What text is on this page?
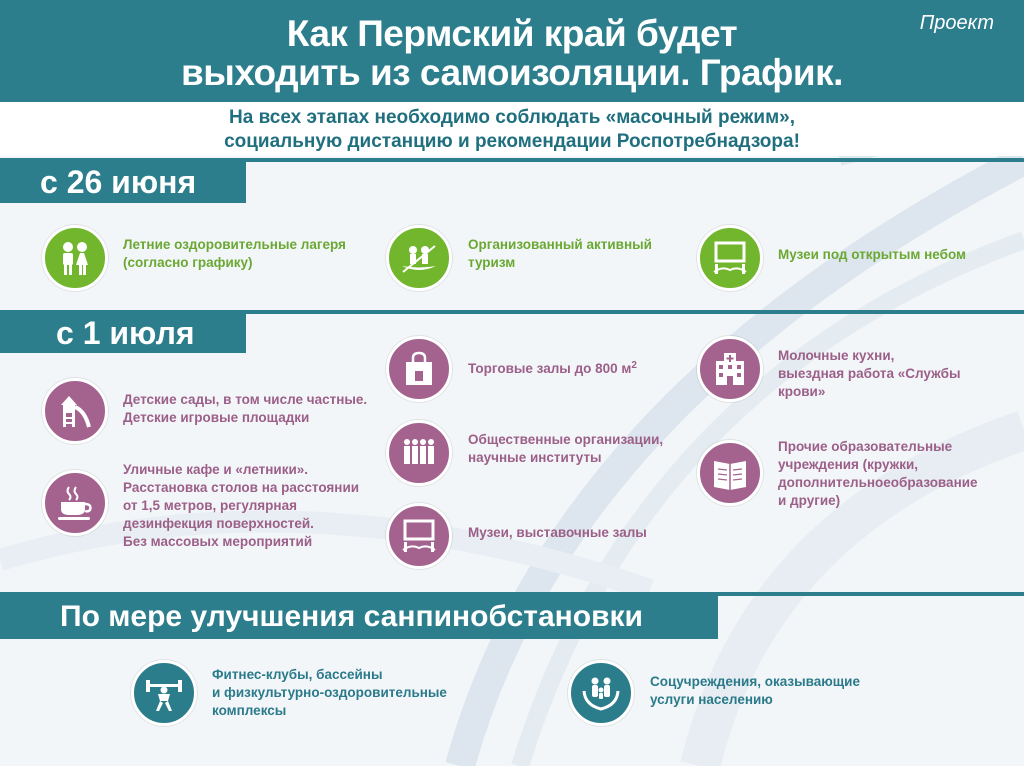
Как Пермский край будет
выходить из самоизоляции. График.
Проект
На всех этапах необходимо соблюдать «масочный режим»,
социальную дистанцию и рекомендации Роспотребнадзора!
с 26 июня
Летние оздоровительные лагеря
(согласно графику)
Организованный активный
туризм
Музеи под открытым небом
с 1 июля
Детские сады, в том числе частные.
Детские игровые площадки
Уличные кафе и «летники».
Расстановка столов на расстоянии
от 1,5 метров, регулярная
дезинфекция поверхностей.
Без массовых мероприятий
Торговые залы до 800 $м^2$
Общественные организации,
научные институты
Музеи, выставочные залы
Молочные кухни,
выездная работа «Службы
крови»
Прочие образовательные
учреждения (кружки,
дополнительноеобразование
и другие)
По мере улучшения санпинобстановки
Фитнес-клубы, бассейны
и физкультурно-оздоровительные
комплексы
Соцучреждения, оказывающие
услуги населению
